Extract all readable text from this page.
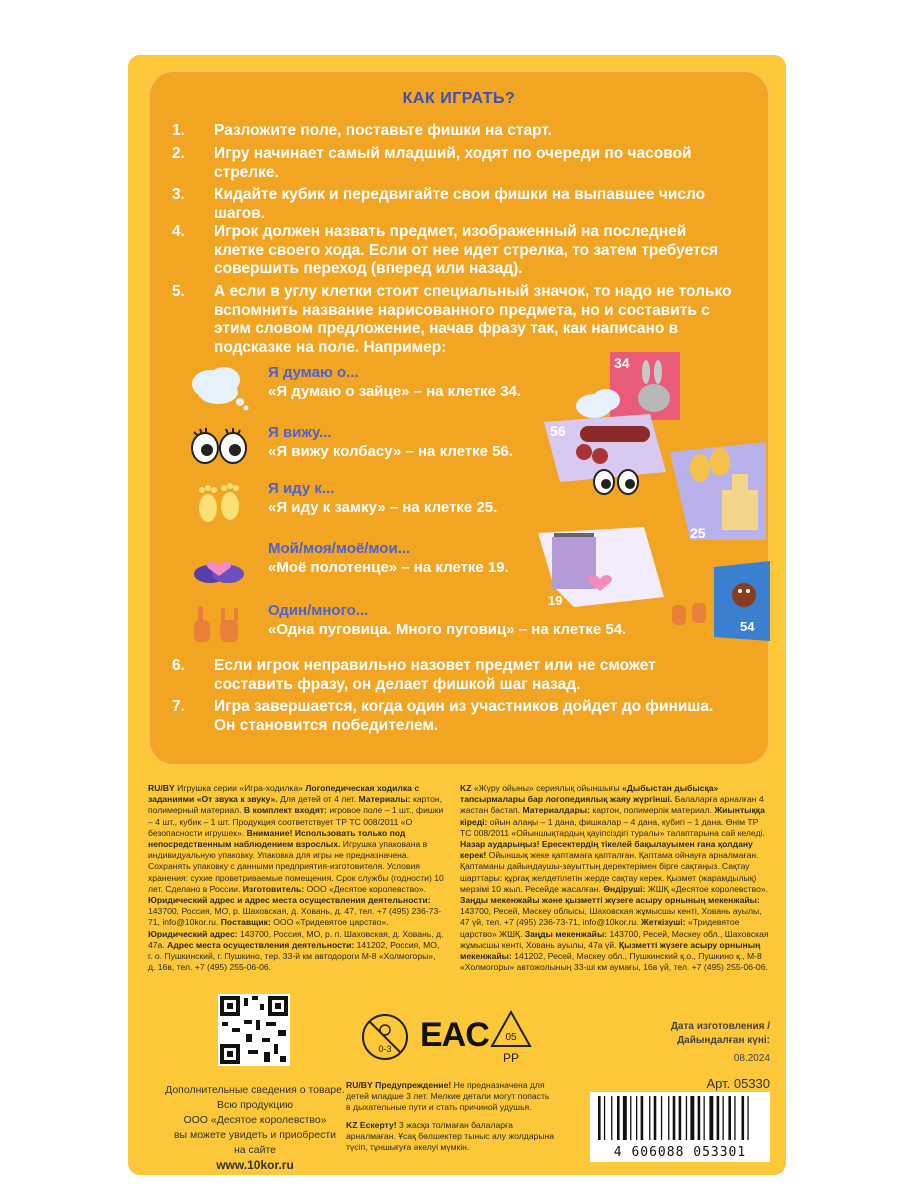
КАК ИГРАТЬ?
1.	Разложите поле, поставьте фишки на старт.
2.	Игру начинает самый младший, ходят по очереди по часовой стрелке.
3.	Кидайте кубик и передвигайте свои фишки на выпавшее число шагов.
4.	Игрок должен назвать предмет, изображенный на последней клетке своего хода. Если от нее идет стрелка, то затем требуется совершить переход (вперед или назад).
5.	А если в углу клетки стоит специальный значок, то надо не только вспомнить название нарисованного предмета, но и составить с этим словом предложение, начав фразу так, как написано в подсказке на поле. Например:
Я думаю о...
«Я думаю о зайце» – на клетке 34.
Я вижу...
«Я вижу колбасу» – на клетке 56.
Я иду к...
«Я иду к замку» – на клетке 25.
Мой/моя/моё/мои...
«Моё полотенце» – на клетке 19.
Один/много...
«Одна пуговица. Много пуговиц» – на клетке 54.
34
56
25
19
54
6.	Если игрок неправильно назовет предмет или не сможет составить фразу, он делает фишкой шаг назад.
7.	Игра завершается, когда один из участников дойдет до финиша. Он становится победителем.
RU/BY Игрушка серии «Игра-ходилка» Логопедическая ходилка с заданиями «От звука к звуку». Для детей от 4 лет. Материалы: картон, полимерный материал. В комплект входят: игровое поле – 1 шт., фишки – 4 шт., кубик – 1 шт. Продукция соответствует ТР ТС 008/2011 «О безопасности игрушек». Внимание! Использовать только под непосредственным наблюдением взрослых. Игрушка упакована в индивидуальную упаковку. Упаковка для игры не предназначена. Сохранять упаковку с данными предприятия-изготовителя. Условия хранения: сухие проветриваемые помещения. Срок службы (годности) 10 лет. Сделано в России. Изготовитель: ООО «Десятое королевство». Юридический адрес и адрес места осуществления деятельности: 143700, Россия, МО, р. Шаховская, д. Ховань, д. 47, тел. +7 (495) 236-73-71, info@10kor.ru. Поставщик: ООО «Тридевятое царство». Юридический адрес: 143700, Россия, МО, р. п. Шаховская, д. Ховань, д. 47а. Адрес места осуществления деятельности: 141202, Россия, МО, г. о. Пушкинский, г. Пушкино, тер. 33-й км автодороги М-8 «Холмогоры», д. 16в, тел. +7 (495) 255-06-06.
KZ «Жүру ойыны» сериялық ойыншығы «Дыбыстан дыбысқа» тапсырмалары бар логопедиялық жаяу жүргінші. Балаларға арналған 4 жастан бастап. Материалдары: картон, полимерлік материал. Жиынтыққа кіреді: ойын алаңы – 1 дана, фишкалар – 4 дана, кубигі – 1 дана. Өнім ТР ТС 008/2011 «Ойыншықтардың қауіпсіздігі туралы» талаптарына сай келеді. Назар аударыңыз! Ересектердің тікелей бақылауымен ғана қолдану керек! Ойыншық жеке қаптамаға қапталған. Қаптама ойнауға арналмаған. Қаптаманы дайындаушы-зауыттың деректерімен бірге сақтаңыз. Сақтау шарттары: құрғақ желдетілетін жерде сақтау керек. Қызмет (жарамдылық) мерзімі 10 жыл. Ресейде жасалған. Өндіруші: ЖШҚ «Десятое королевство». Заңды мекенжайы және қызметті жүзеге асыру орнының мекенжайы: 143700, Ресей, Мәскеу облысы, Шаховская жұмысшы кенті, Ховань ауылы, 47 үй, тел. +7 (495) 236-73-71, info@10kor.ru. Жеткізуші: «Тридевятое царство» ЖШҚ. Заңды мекенжайы: 143700, Ресей, Мәскеу обл., Шаховская жұмысшы кенті, Ховань ауылы, 47а үй. Қызметті жүзеге асыру орнының мекенжайы: 141202, Ресей, Мәскеу обл., Пушкинский қ.о., Пушкино қ., М-8 «Холмогоры» автожолының 33-ші км аумағы, 16в үй, тел. +7 (495) 255-06-06.
Дополнительные сведения о товаре.
Всю продукцию
ООО «Десятое королевство»
вы можете увидеть и приобрести
на сайте
www.10kor.ru
0-3 EAC 05
PP
RU/BY Предупреждение! Не предназначена для детей младше 3 лет. Мелкие детали могут попасть в дыхательные пути и стать причиной удушья.
KZ Ескерту! 3 жасқа толмаған балаларға арналмаған. Ұсақ бөлшектер тыныс алу жолдарына түсіп, тұншығуға әкелуі мүмкін.
Дата изготовления /
Дайындалған күні:
08.2024
Арт. 05330
4 606088 053301
